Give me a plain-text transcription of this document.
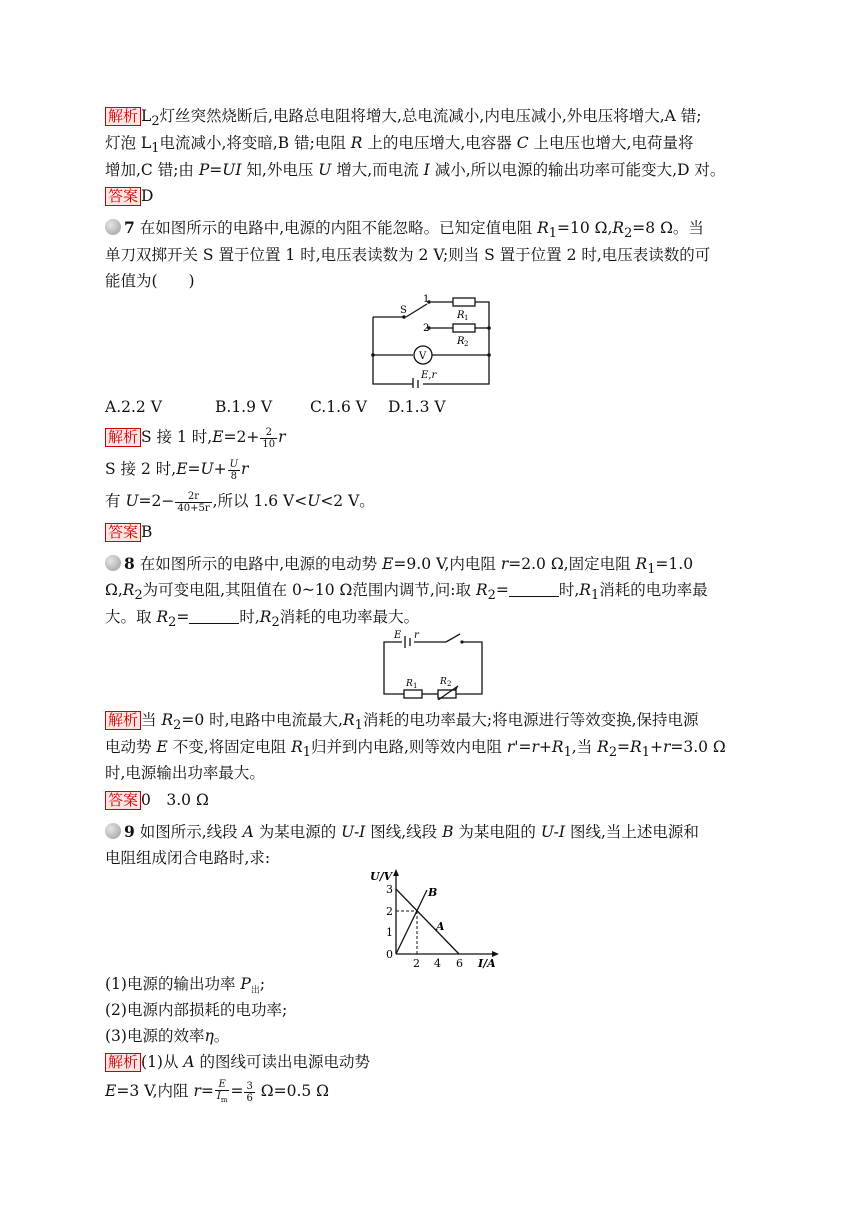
解析 $L_2$灯丝突然烧断后,电路总电阻将增大,总电流减小,内电压减小,外电压将增大,A 错;
灯泡 $L_1$电流减小,将变暗,B 错;电阻 R 上的电压增大,电容器 C 上电压也增大,电荷量将
增加,C 错;由 P=UI 知,外电压 U 增大,而电流 I 减小,所以电源的输出功率可能变大,D 对。
答案 D
7 在如图所示的电路中,电源的内阻不能忽略。已知定值电阻 $R_1=10$ $\Omega,R_2=8$ Ω。当
单刀双掷开关 S 置于位置 1 时,电压表读数为 2 V;则当 S 置于位置 2 时,电压表读数的可
能值为(　　)
S
1
2
R 1
R 2
V
E,r
A.2.2 V	B.1.9 V C.1.6 V D.1.3 V
解析 S 接 1 时$,E=2+ \frac{2}{10}$ r
S 接 2 时$,E=U+ \frac{U}{8}$ r
有 $U=2- \frac{2r}{40+5r}$ ,所以 1.6 V<U<2 V。
答案 B
8 在如图所示的电路中,电源的电动势 E=9.0 V,内电阻 r=2.0 Ω,固定电阻 $R_1=1.0$
$\Omega,R_2$为可变电阻,其阻值在 0~10 Ω范围内调节,问:取 $R_2=$	时$,R_1$消耗的电功率最
大。取 $R_2=$	时$,R_2$消耗的电功率最大。
E r
R 1	R 2
解析 当 $R_2=0$ 时,电路中电流最大$,R_1$消耗的电功率最大;将电源进行等效变换,保持电源
电动势 E 不变,将固定电阻 $R_1$归并到内电路,则等效内电阻 $r'=r+R_1$,当 $R_2=R_1+r=3.0$ Ω
时,电源输出功率最大。
答案 0　3.0 Ω
9 如图所示,线段 A 为某电源的 U-I 图线,线段 B 为某电阻的 U-I 图线,当上述电源和
电阻组成闭合电路时,求:
U/V
I/A
3
2
1
0
2 4 6
B
A
(1)电源的输出功率 $P_出$;
(2)电源内部损耗的电功率;
(3)电源的效率η。
解析 (1)从 A 的图线可读出电源电动势
E=3 V,内阻 $r= \frac{E}{I_m} = \frac{3}{6} \Omega=0.5$ Ω
